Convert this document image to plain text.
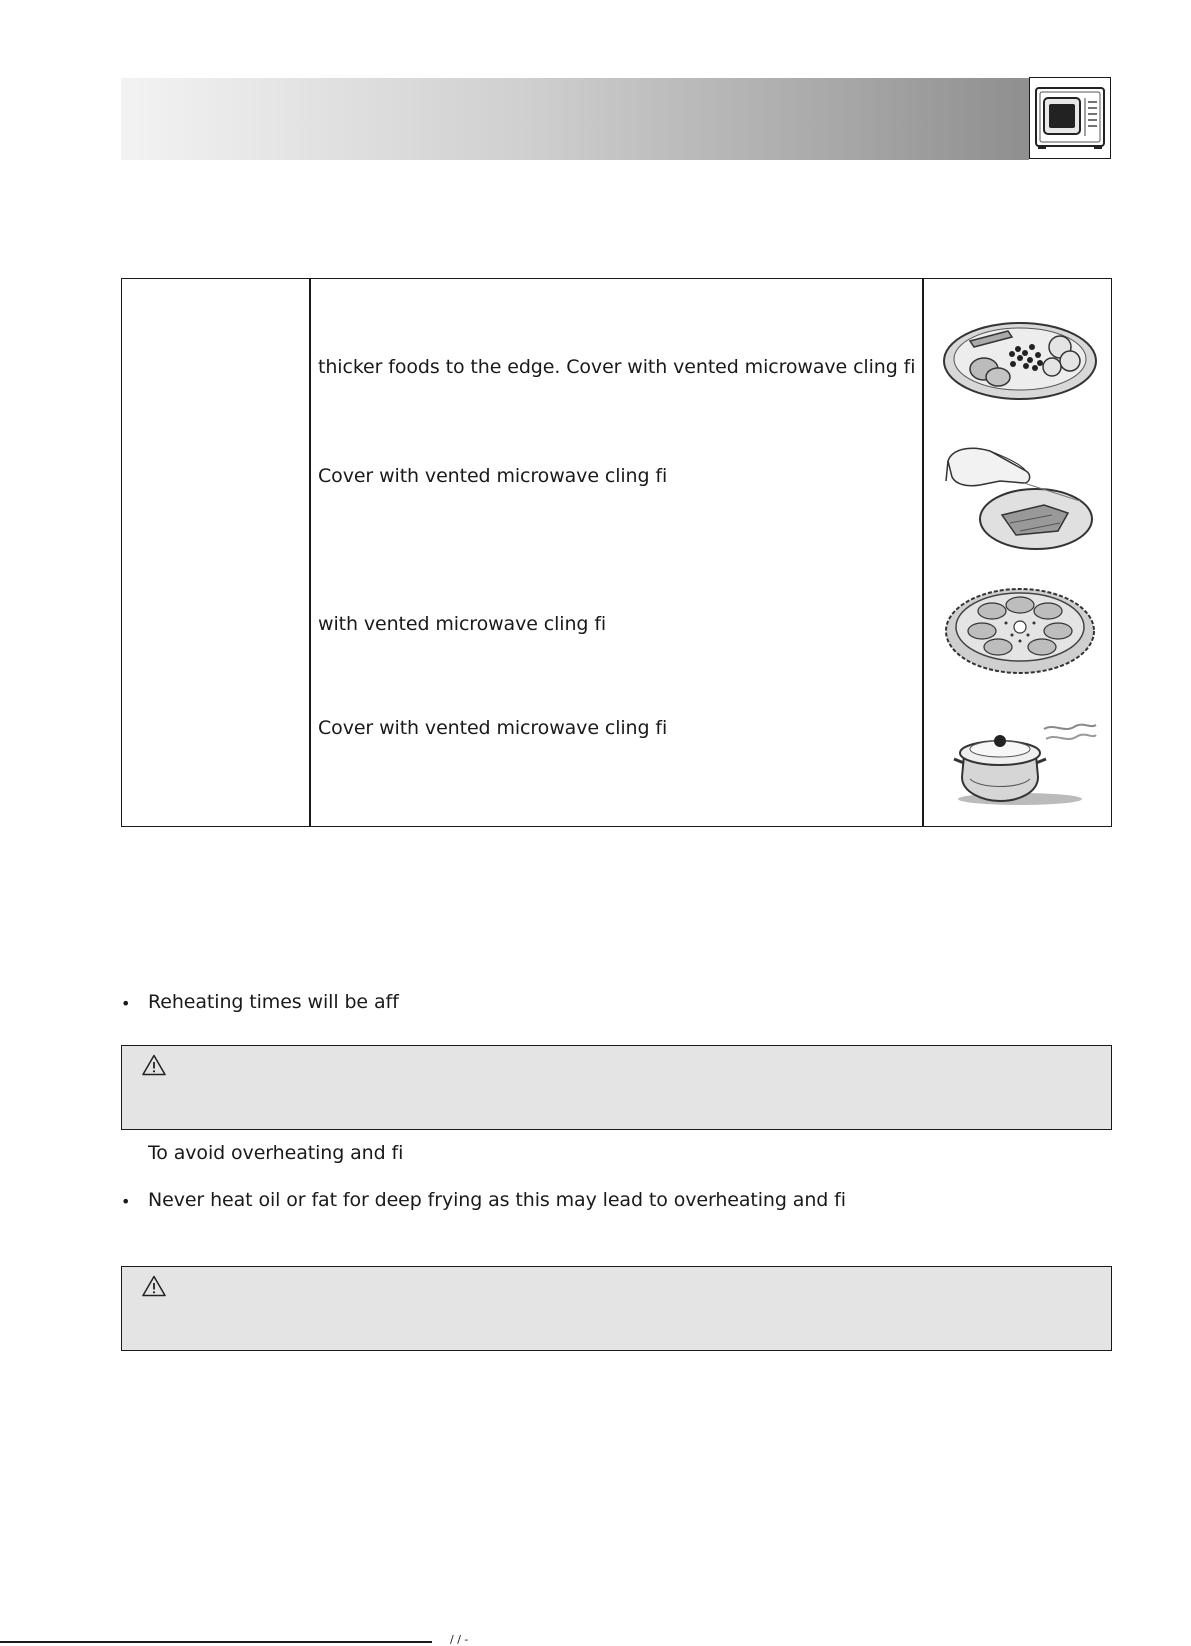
thicker foods to the edge. Cover with vented microwave cling fi
Cover with vented microwave cling fi
with vented microwave cling fi
Cover with vented microwave cling fi
• Reheating times will be aff
To avoid overheating and fi
• Never heat oil or fat for deep frying as this may lead to overheating and fi
/ / -
